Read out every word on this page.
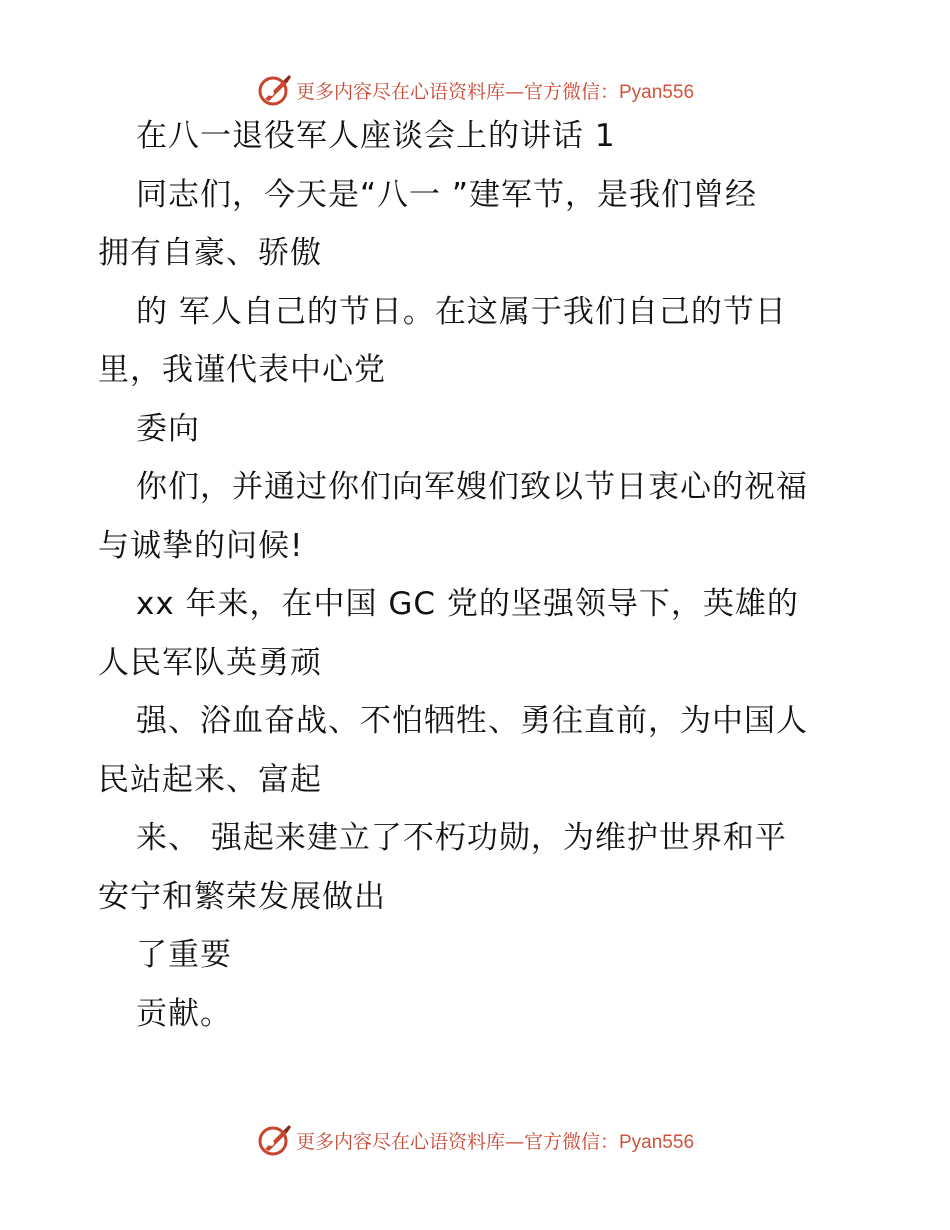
更多内容尽在心语资料库—官方微信：Pyan556
在八一退役军人座谈会上的讲话 1
同志们，今天是“八一 ”建军节，是我们曾经
拥有自豪、骄傲
的 军人自己的节日。在这属于我们自己的节日
里，我谨代表中心党
委向
你们，并通过你们向军嫂们致以节日衷心的祝福
与诚挚的问候!
xx 年来，在中国 GC 党的坚强领导下，英雄的
人民军队英勇顽
强、浴血奋战、不怕牺牲、勇往直前，为中国人
民站起来、富起
来、 强起来建立了不朽功勋，为维护世界和平
安宁和繁荣发展做出
了重要
贡献。
更多内容尽在心语资料库—官方微信：Pyan556
